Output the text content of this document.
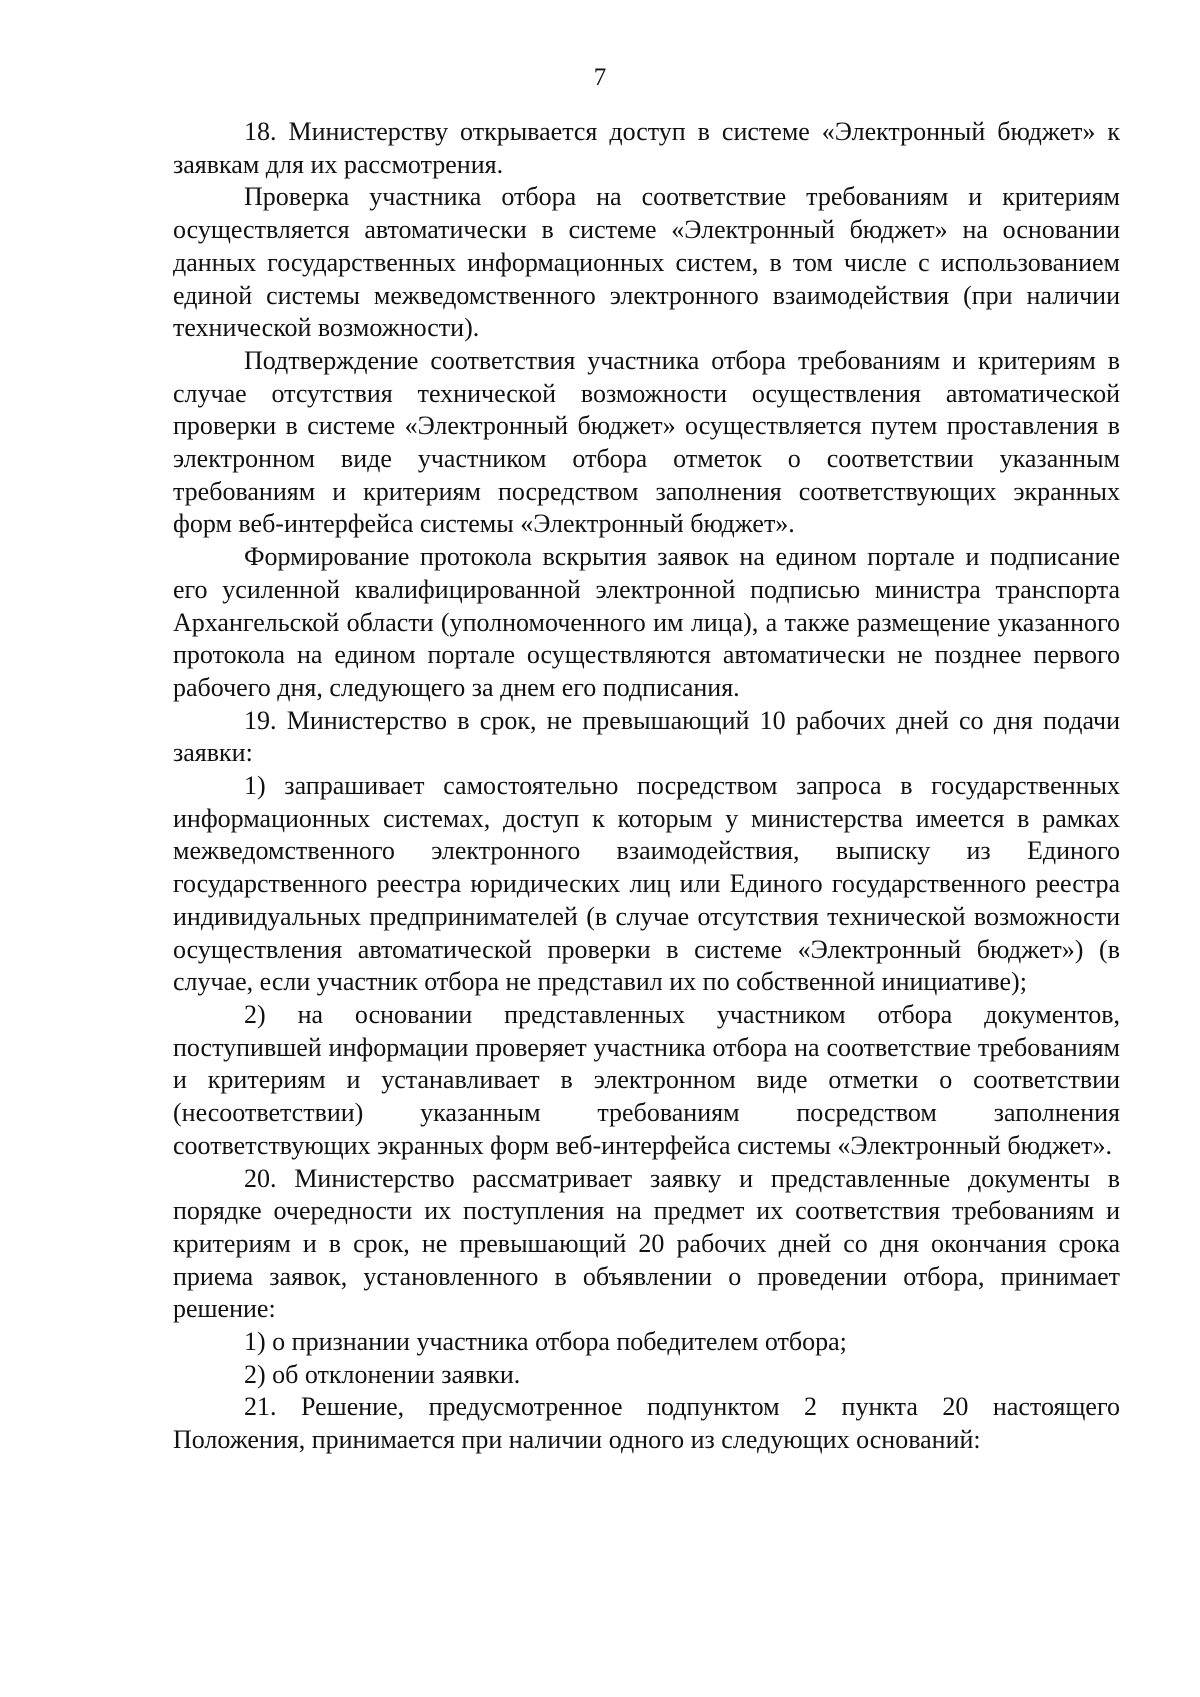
7

18. Министерству открывается доступ в системе «Электронный бюджет» к заявкам для их рассмотрения.

Проверка участника отбора на соответствие требованиям и критериям осуществляется автоматически в системе «Электронный бюджет» на основании данных государственных информационных систем, в том числе с использованием единой системы межведомственного электронного взаимодействия (при наличии технической возможности).

Подтверждение соответствия участника отбора требованиям и критериям в случае отсутствия технической возможности осуществления автоматической проверки в системе «Электронный бюджет» осуществляется путем проставления в электронном виде участником отбора отметок о соответствии указанным требованиям и критериям посредством заполнения соответствующих экранных форм веб-интерфейса системы «Электронный бюджет».

Формирование протокола вскрытия заявок на едином портале и подписание его усиленной квалифицированной электронной подписью министра транспорта Архангельской области (уполномоченного им лица), а также размещение указанного протокола на едином портале осуществляются автоматически не позднее первого рабочего дня, следующего за днем его подписания.

19. Министерство в срок, не превышающий 10 рабочих дней со дня подачи заявки:

1) запрашивает самостоятельно посредством запроса в государственных информационных системах, доступ к которым у министерства имеется в рамках межведомственного электронного взаимодействия, выписку из Единого государственного реестра юридических лиц или Единого государственного реестра индивидуальных предпринимателей (в случае отсутствия технической возможности осуществления автоматической проверки в системе «Электронный бюджет») (в случае, если участник отбора не представил их по собственной инициативе);

2) на основании представленных участником отбора документов, поступившей информации проверяет участника отбора на соответствие требованиям и критериям и устанавливает в электронном виде отметки о соответствии (несоответствии) указанным требованиям посредством заполнения соответствующих экранных форм веб-интерфейса системы «Электронный бюджет».

20. Министерство рассматривает заявку и представленные документы в порядке очередности их поступления на предмет их соответствия требованиям и критериям и в срок, не превышающий 20 рабочих дней со дня окончания срока приема заявок, установленного в объявлении о проведении отбора, принимает решение:

1) о признании участника отбора победителем отбора;

2) об отклонении заявки.

21. Решение, предусмотренное подпунктом 2 пункта 20 настоящего Положения, принимается при наличии одного из следующих оснований:
